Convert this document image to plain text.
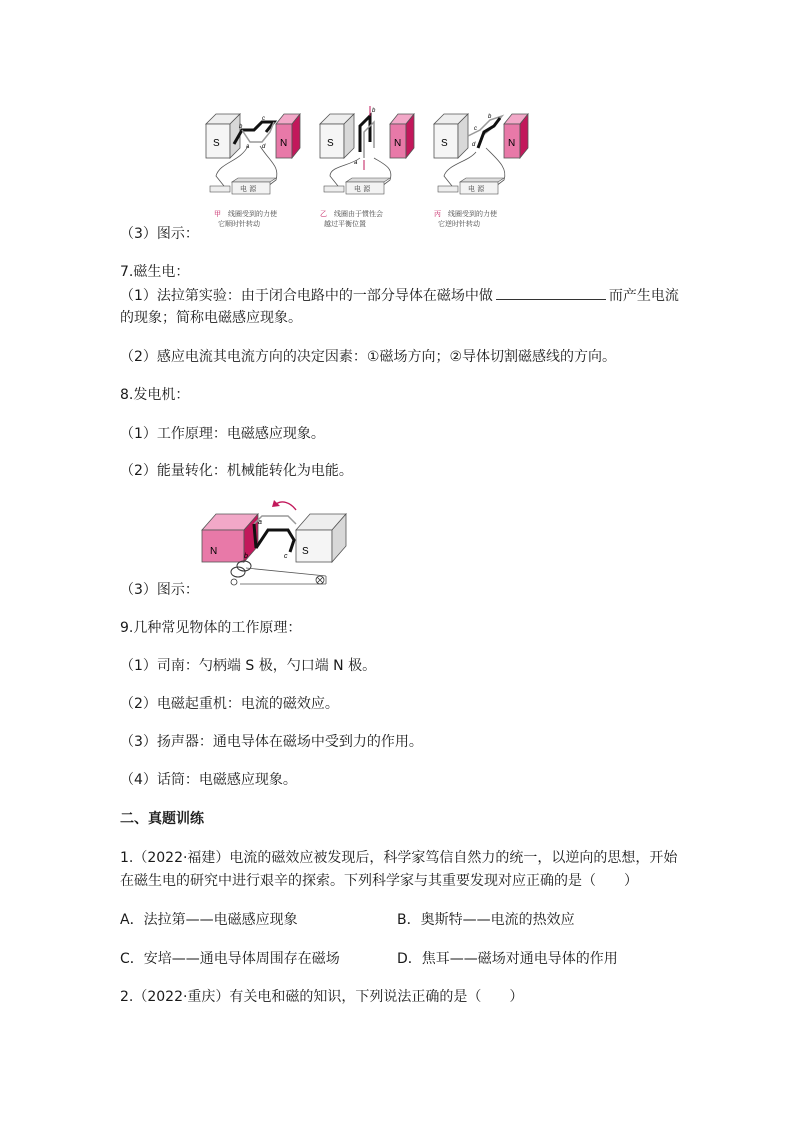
S
b
c
a d N
电 源
甲 线圈受到的力使
它顺时针转动
S
b
a
N
电 源
乙 线圈由于惯性会
越过平衡位置
S
b
c
d	N
电 源
丙 线圈受到的力使
它逆时针转动
（3）图示：
7.磁生电：
（1）法拉第实验：由于闭合电路中的一部分导体在磁场中做	而产生电流
的现象；简称电磁感应现象。
（2）感应电流其电流方向的决定因素：①磁场方向；②导体切割磁感线的方向。
8.发电机：
（1）工作原理：电磁感应现象。
（2）能量转化：机械能转化为电能。
N	S
a
b	c
（3）图示：
9.几种常见物体的工作原理：
（1）司南：勺柄端 S 极，勺口端 N 极。
（2）电磁起重机：电流的磁效应。
（3）扬声器：通电导体在磁场中受到力的作用。
（4）话筒：电磁感应现象。
二、真题训练
1.（2022·福建）电流的磁效应被发现后，科学家笃信自然力的统一，以逆向的思想，开始
在磁生电的研究中进行艰辛的探索。下列科学家与其重要发现对应正确的是（　　）
A．法拉第——电磁感应现象	B．奥斯特——电流的热效应
C．安培——通电导体周围存在磁场	D．焦耳——磁场对通电导体的作用
2.（2022·重庆）有关电和磁的知识，下列说法正确的是（　　）
